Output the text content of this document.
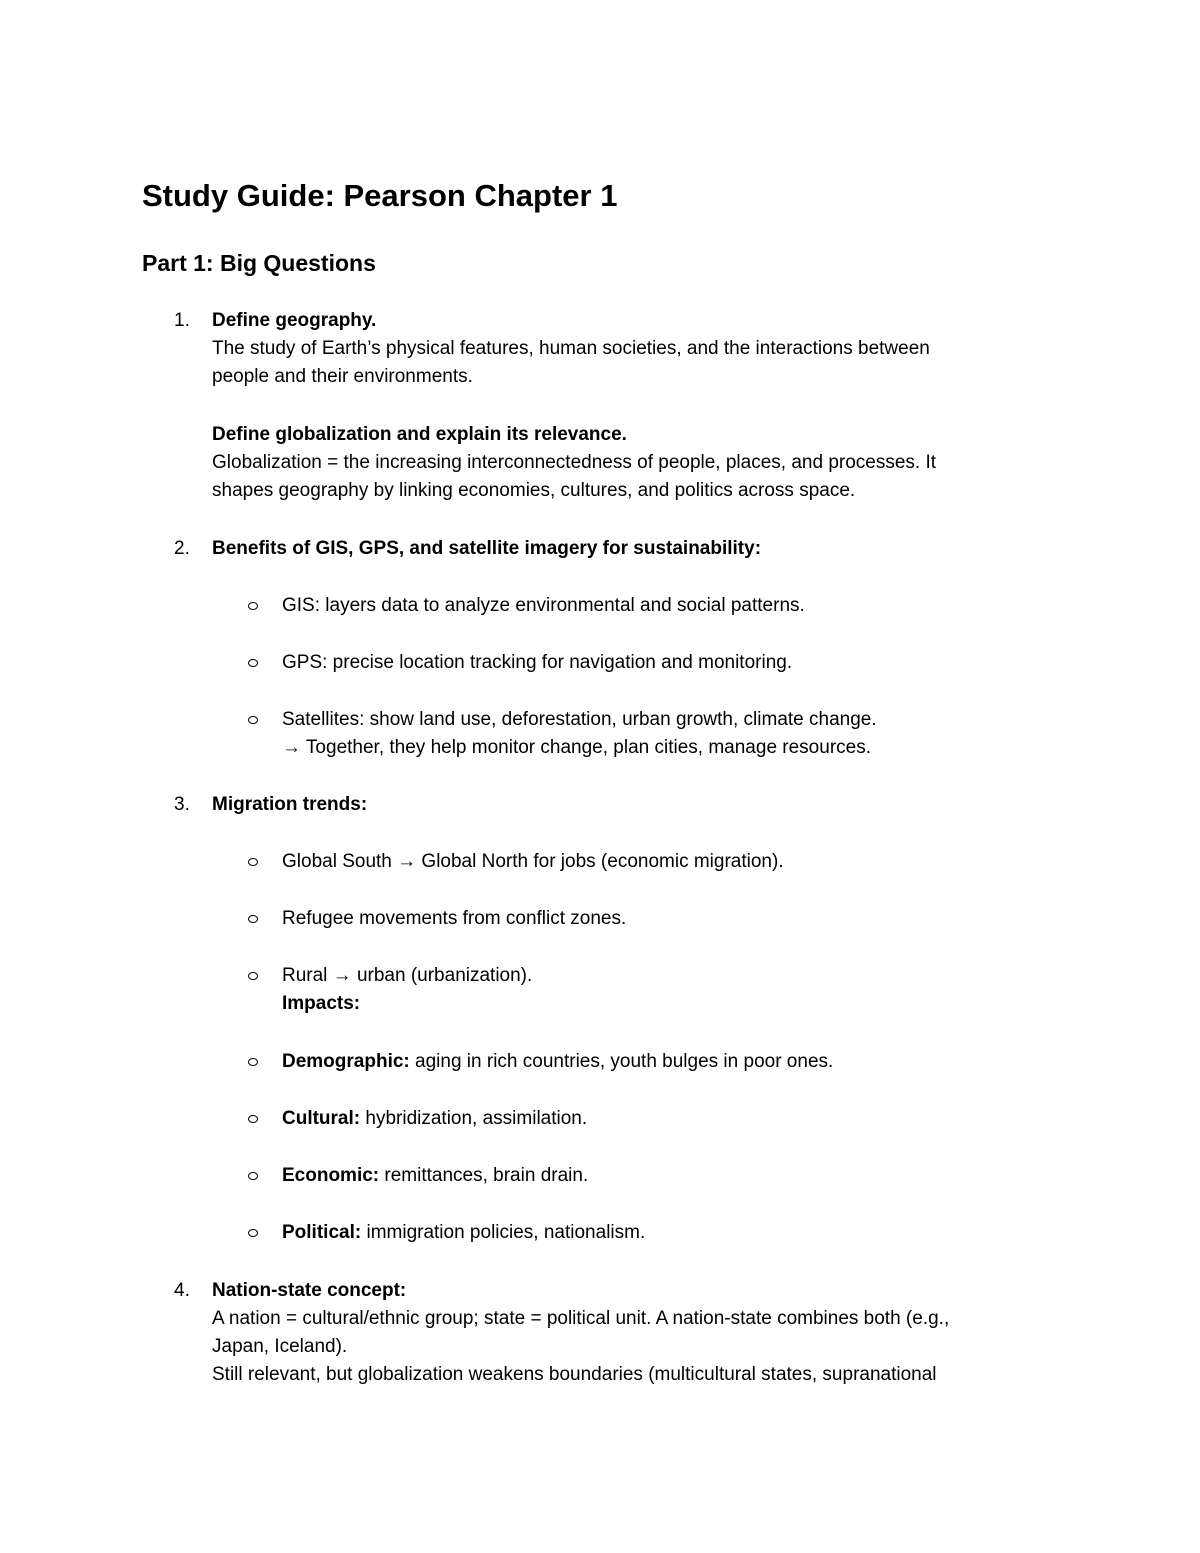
Study Guide: Pearson Chapter 1
Part 1: Big Questions
1. Define geography.
The study of Earth’s physical features, human societies, and the interactions between
people and their environments.
Define globalization and explain its relevance.
Globalization = the increasing interconnectedness of people, places, and processes. It
shapes geography by linking economies, cultures, and politics across space.
2. Benefits of GIS, GPS, and satellite imagery for sustainability:
GIS: layers data to analyze environmental and social patterns.
GPS: precise location tracking for navigation and monitoring.
Satellites: show land use, deforestation, urban growth, climate change.
→ Together, they help monitor change, plan cities, manage resources.
3. Migration trends:
Global South → Global North for jobs (economic migration).
Refugee movements from conflict zones.
Rural → urban (urbanization).
Impacts:
Demographic: aging in rich countries, youth bulges in poor ones.
Cultural: hybridization, assimilation.
Economic: remittances, brain drain.
Political: immigration policies, nationalism.
4. Nation-state concept:
A nation = cultural/ethnic group; state = political unit. A nation-state combines both (e.g.,
Japan, Iceland).
Still relevant, but globalization weakens boundaries (multicultural states, supranational
